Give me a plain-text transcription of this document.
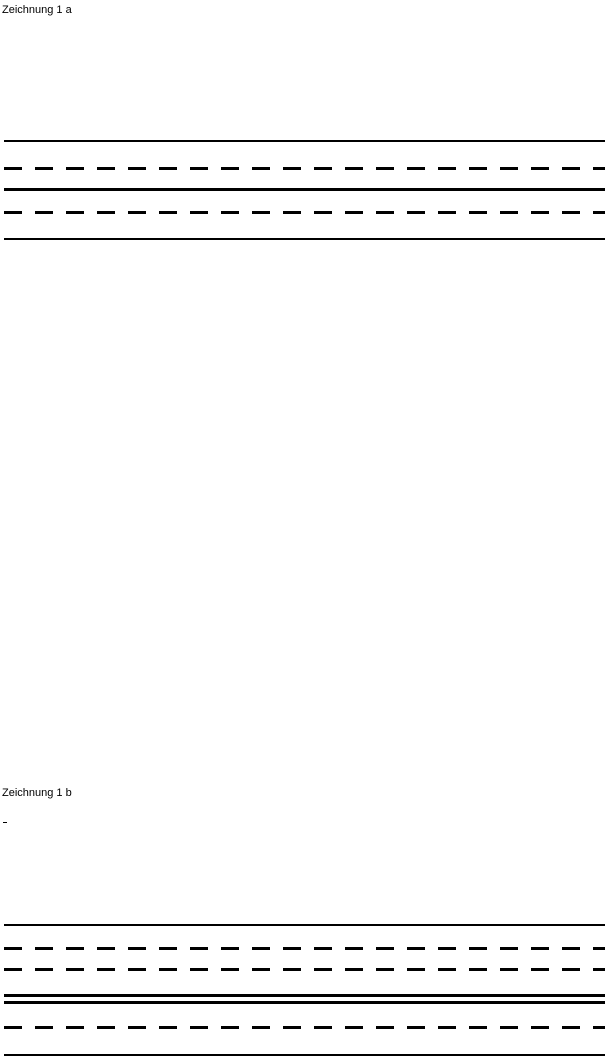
Zeichnung 1 a
Zeichnung 1 b
